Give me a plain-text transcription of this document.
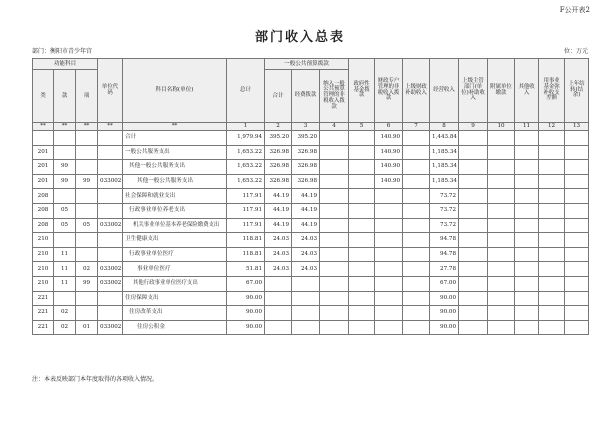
F公开表2
部门收入总表
部门：衡阳市青少年宫	位：万元
功能科目			单位代码	科目名称(单位)	总计	一般公共预算拨款			政府性基金拨款	财政专户管理的非税收入拨款	上级财政补助收入	经营收入	上级主管部门(单位)补助收入	附属单位缴款	其他收入	用事业基金弥补收支差额	上年结转(结余)
类	款	项				合计	经费拨款	纳入一般公共预算管理的非税收入拨款									

**	**	**	**	**	1	2	3	4	5	6	7	8	9	10	11	12	13
				合计	1,979.94	395.20	395.20			140.90		1,443.84					
201				一般公共服务支出	1,653.22	326.98	326.98			140.90		1,185.34					
201	99			其他一般公共服务支出	1,653.22	326.98	326.98			140.90		1,185.34					
201	99	99	033002	其他一般公共服务支出	1,653.22	326.98	326.98			140.90		1,185.34					
208				社会保障和就业支出	117.91	44.19	44.19					73.72					
208	05			行政事业单位养老支出	117.91	44.19	44.19					73.72					
208	05	05	033002	机关事业单位基本养老保险缴费支出	117.91	44.19	44.19					73.72					
210				卫生健康支出	118.81	24.03	24.03					94.78					
210	11			行政事业单位医疗	118.81	24.03	24.03					94.78					
210	11	02	033002	事业单位医疗	51.81	24.03	24.03					27.78					
210	11	99	033002	其他行政事业单位医疗支出	67.00							67.00					
221				住房保障支出	90.00							90.00					
221	02			住房改革支出	90.00							90.00					
221	02	01	033002	住房公积金	90.00							90.00					
注：本表反映部门本年度取得的各项收入情况。
